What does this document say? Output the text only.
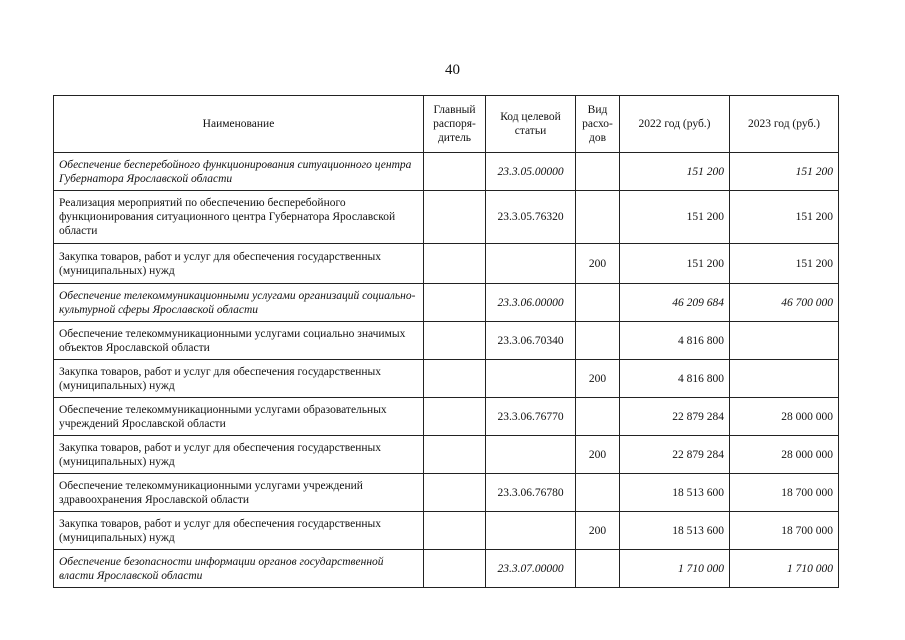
40
Наименование	Главный распоря-дитель	Код целевой статьи	Вид расхо-дов	2022 год (руб.)	2023 год (руб.)
Обеспечение бесперебойного функционирования ситуационного центра Губернатора Ярославской области		23.3.05.00000		151 200	151 200
Реализация мероприятий по обеспечению бесперебойного функционирования ситуационного центра Губернатора Ярославской области		23.3.05.76320		151 200	151 200
Закупка товаров, работ и услуг для обеспечения государственных (муниципальных) нужд			200	151 200	151 200
Обеспечение телекоммуникационными услугами организаций социально-культурной сферы Ярославской области		23.3.06.00000		46 209 684	46 700 000
Обеспечение телекоммуникационными услугами социально значимых объектов Ярославской области		23.3.06.70340		4 816 800	
Закупка товаров, работ и услуг для обеспечения государственных (муниципальных) нужд			200	4 816 800	
Обеспечение телекоммуникационными услугами образовательных учреждений Ярославской области		23.3.06.76770		22 879 284	28 000 000
Закупка товаров, работ и услуг для обеспечения государственных (муниципальных) нужд			200	22 879 284	28 000 000
Обеспечение телекоммуникационными услугами учреждений здравоохранения Ярославской области		23.3.06.76780		18 513 600	18 700 000
Закупка товаров, работ и услуг для обеспечения государственных (муниципальных) нужд			200	18 513 600	18 700 000
Обеспечение безопасности информации органов государственной власти Ярославской области		23.3.07.00000		1 710 000	1 710 000
